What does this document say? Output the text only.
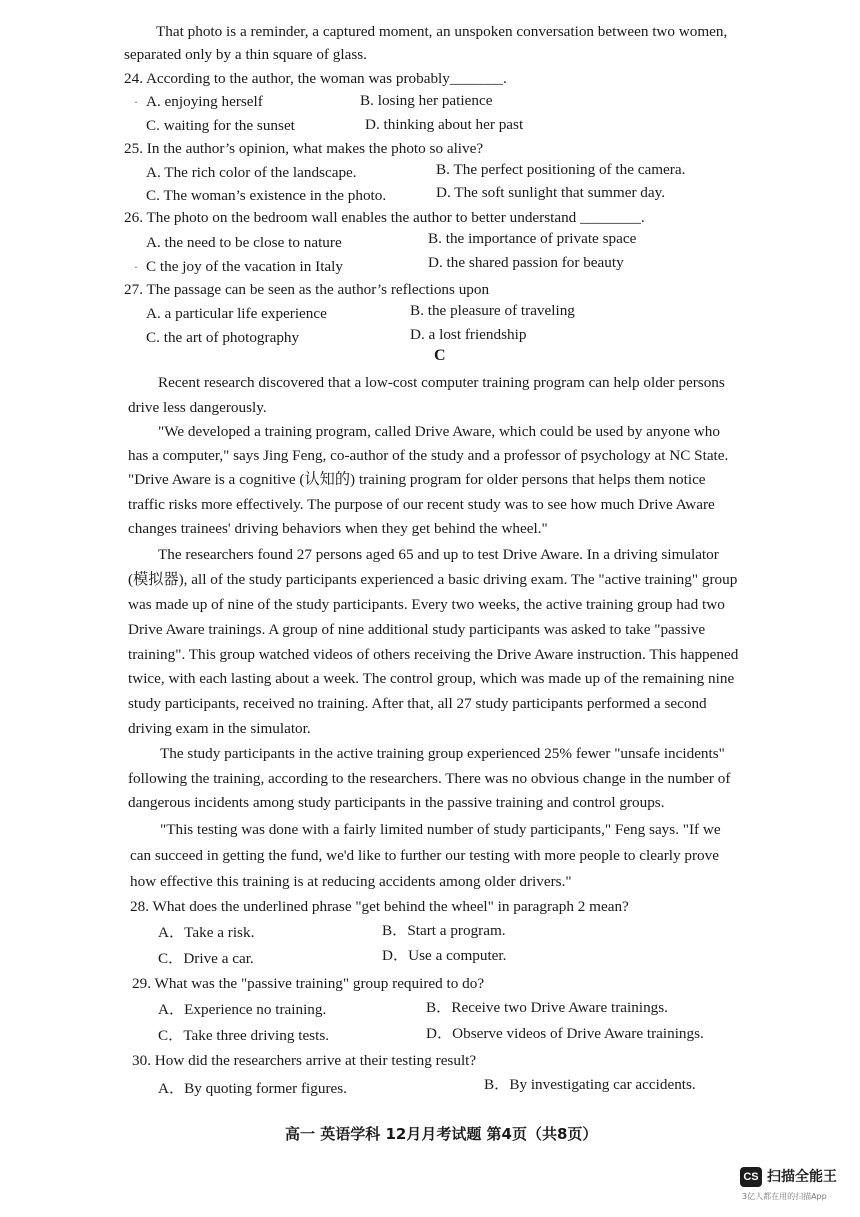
That photo is a reminder, a captured moment, an unspoken conversation between two women,
separated only by a thin square of glass.
24. According to the author, the woman was probably_______.
· A. enjoying herself	B. losing her patience
C. waiting for the sunset	D. thinking about her past
25. In the author’s opinion, what makes the photo so alive?
A. The rich color of the landscape.	B. The perfect positioning of the camera.
C. The woman’s existence in the photo.	D. The soft sunlight that summer day.
26. The photo on the bedroom wall enables the author to better understand ________.
A. the need to be close to nature	B. the importance of private space
· C the joy of the vacation in Italy	D. the shared passion for beauty
27. The passage can be seen as the author’s reflections upon
A. a particular life experience	B. the pleasure of traveling
C. the art of photography	D. a lost friendship
C
Recent research discovered that a low-cost computer training program can help older persons
drive less dangerously.
"We developed a training program, called Drive Aware, which could be used by anyone who
has a computer," says Jing Feng, co-author of the study and a professor of psychology at NC State.
"Drive Aware is a cognitive (认知的) training program for older persons that helps them notice
traffic risks more effectively. The purpose of our recent study was to see how much Drive Aware
changes trainees' driving behaviors when they get behind the wheel."
The researchers found 27 persons aged 65 and up to test Drive Aware. In a driving simulator
(模拟器), all of the study participants experienced a basic driving exam. The "active training" group
was made up of nine of the study participants. Every two weeks, the active training group had two
Drive Aware trainings. A group of nine additional study participants was asked to take "passive
training". This group watched videos of others receiving the Drive Aware instruction. This happened
twice, with each lasting about a week. The control group, which was made up of the remaining nine
study participants, received no training. After that, all 27 study participants performed a second
driving exam in the simulator.
The study participants in the active training group experienced 25% fewer "unsafe incidents"
following the training, according to the researchers. There was no obvious change in the number of
dangerous incidents among study participants in the passive training and control groups.
"This testing was done with a fairly limited number of study participants," Feng says. "If we
can succeed in getting the fund, we'd like to further our testing with more people to clearly prove
how effective this training is at reducing accidents among older drivers."
28. What does the underlined phrase "get behind the wheel" in paragraph 2 mean?
A．Take a risk.	B．Start a program.
C．Drive a car.	D．Use a computer.
29. What was the "passive training" group required to do?
A．Experience no training.	B．Receive two Drive Aware trainings.
C．Take three driving tests.	D．Observe videos of Drive Aware trainings.
30. How did the researchers arrive at their testing result?
A．By quoting former figures.	B．By investigating car accidents.
高一 英语学科 12月月考试题 第4页（共8页）
CS 扫描全能王
3亿人都在用的扫描App
